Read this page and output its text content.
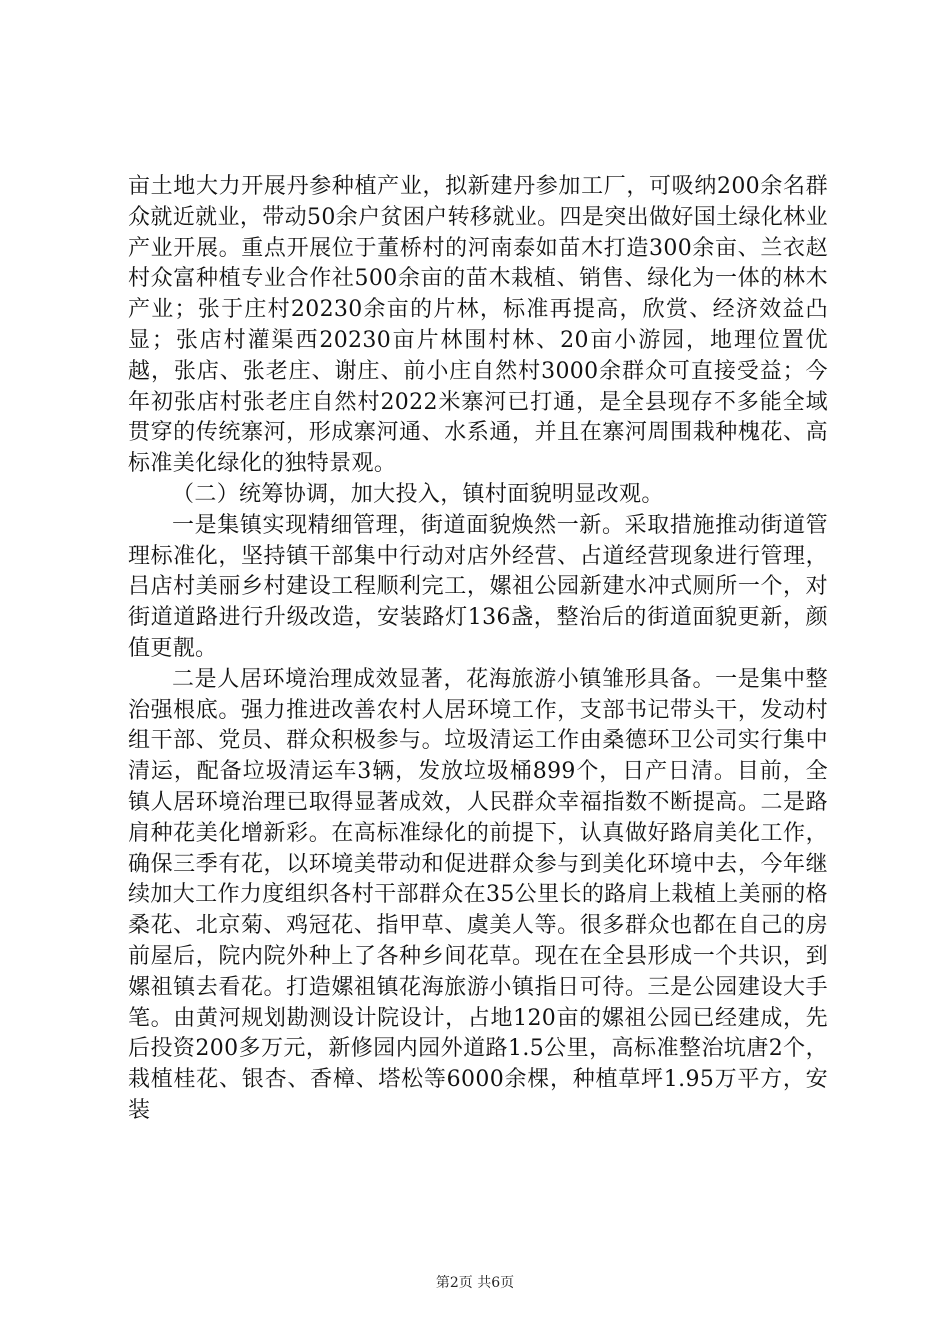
亩土地大力开展丹参种植产业，拟新建丹参加工厂，可吸纳200余名群众就近就业，带动50余户贫困户转移就业。四是突出做好国土绿化林业产业开展。重点开展位于董桥村的河南泰如苗木打造300余亩、兰衣赵村众富种植专业合作社500余亩的苗木栽植、销售、绿化为一体的林木产业；张于庄村20230余亩的片林，标准再提高，欣赏、经济效益凸显；张店村灌渠西20230亩片林围村林、20亩小游园，地理位置优越，张店、张老庄、谢庄、前小庄自然村3000余群众可直接受益；今年初张店村张老庄自然村2022米寨河已打通，是全县现存不多能全域贯穿的传统寨河，形成寨河通、水系通，并且在寨河周围栽种槐花、高标准美化绿化的独特景观。

（二）统筹协调，加大投入，镇村面貌明显改观。

一是集镇实现精细管理，街道面貌焕然一新。采取措施推动街道管理标准化，坚持镇干部集中行动对店外经营、占道经营现象进行管理，吕店村美丽乡村建设工程顺利完工，嫘祖公园新建水冲式厕所一个，对街道道路进行升级改造，安装路灯136盏，整治后的街道面貌更新，颜值更靓。

二是人居环境治理成效显著，花海旅游小镇雏形具备。一是集中整治强根底。强力推进改善农村人居环境工作，支部书记带头干，发动村组干部、党员、群众积极参与。垃圾清运工作由桑德环卫公司实行集中清运，配备垃圾清运车3辆，发放垃圾桶899个，日产日清。目前，全镇人居环境治理已取得显著成效，人民群众幸福指数不断提高。二是路肩种花美化增新彩。在高标准绿化的前提下，认真做好路肩美化工作，确保三季有花，以环境美带动和促进群众参与到美化环境中去，今年继续加大工作力度组织各村干部群众在35公里长的路肩上栽植上美丽的格桑花、北京菊、鸡冠花、指甲草、虞美人等。很多群众也都在自己的房前屋后，院内院外种上了各种乡间花草。现在在全县形成一个共识，到嫘祖镇去看花。打造嫘祖镇花海旅游小镇指日可待。三是公园建设大手笔。由黄河规划勘测设计院设计，占地120亩的嫘祖公园已经建成，先后投资200多万元，新修园内园外道路1.5公里，高标准整治坑唐2个，栽植桂花、银杏、香樟、塔松等6000余棵，种植草坪1.95万平方，安装

第2页 共6页
